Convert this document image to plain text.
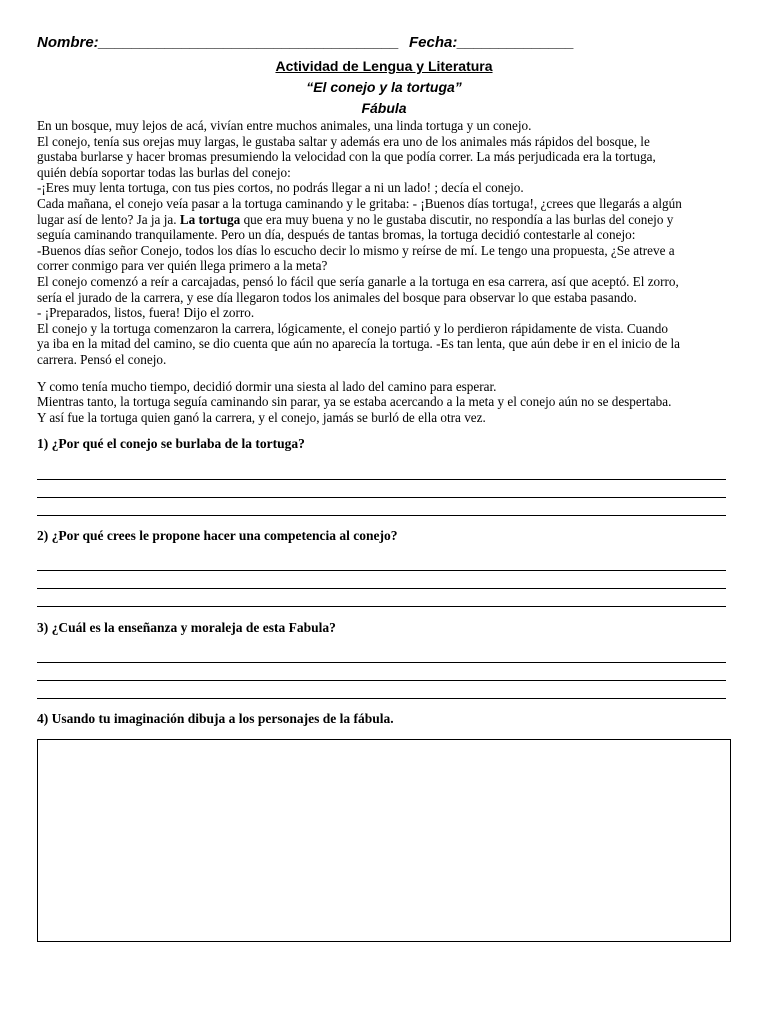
Nombre:____________________________________ Fecha:______________
Actividad de Lengua y Literatura
“El conejo y la tortuga”
Fábula

En un bosque, muy lejos de acá, vivían entre muchos animales, una linda tortuga y un conejo.

El conejo, tenía sus orejas muy largas, le gustaba saltar y además era uno de los animales más rápidos del bosque, le

gustaba burlarse y hacer bromas presumiendo la velocidad con la que podía correr. La más perjudicada era la tortuga,

quién debía soportar todas las burlas del conejo:

-¡Eres muy lenta tortuga, con tus pies cortos, no podrás llegar a ni un lado! ; decía el conejo.

Cada mañana, el conejo veía pasar a la tortuga caminando y le gritaba: - ¡Buenos días tortuga!, ¿crees que llegarás a algún

lugar así de lento? Ja ja ja. La tortuga que era muy buena y no le gustaba discutir, no respondía a las burlas del conejo y

seguía caminando tranquilamente. Pero un día, después de tantas bromas, la tortuga decidió contestarle al conejo:

-Buenos días señor Conejo, todos los días lo escucho decir lo mismo y reírse de mí. Le tengo una propuesta, ¿Se atreve a

correr conmigo para ver quién llega primero a la meta?

El conejo comenzó a reír a carcajadas, pensó lo fácil que sería ganarle a la tortuga en esa carrera, así que aceptó. El zorro,

sería el jurado de la carrera, y ese día llegaron todos los animales del bosque para observar lo que estaba pasando.

- ¡Preparados, listos, fuera! Dijo el zorro.

El conejo y la tortuga comenzaron la carrera, lógicamente, el conejo partió y lo perdieron rápidamente de vista. Cuando

ya iba en la mitad del camino, se dio cuenta que aún no aparecía la tortuga. -Es tan lenta, que aún debe ir en el inicio de la

carrera. Pensó el conejo.

Y como tenía mucho tiempo, decidió dormir una siesta al lado del camino para esperar.

Mientras tanto, la tortuga seguía caminando sin parar, ya se estaba acercando a la meta y el conejo aún no se despertaba.

Y así fue la tortuga quien ganó la carrera, y el conejo, jamás se burló de ella otra vez.

1) ¿Por qué el conejo se burlaba de la tortuga?
2) ¿Por qué crees le propone hacer una competencia al conejo?
3) ¿Cuál es la enseñanza y moraleja de esta Fabula?
4) Usando tu imaginación dibuja a los personajes de la fábula.
